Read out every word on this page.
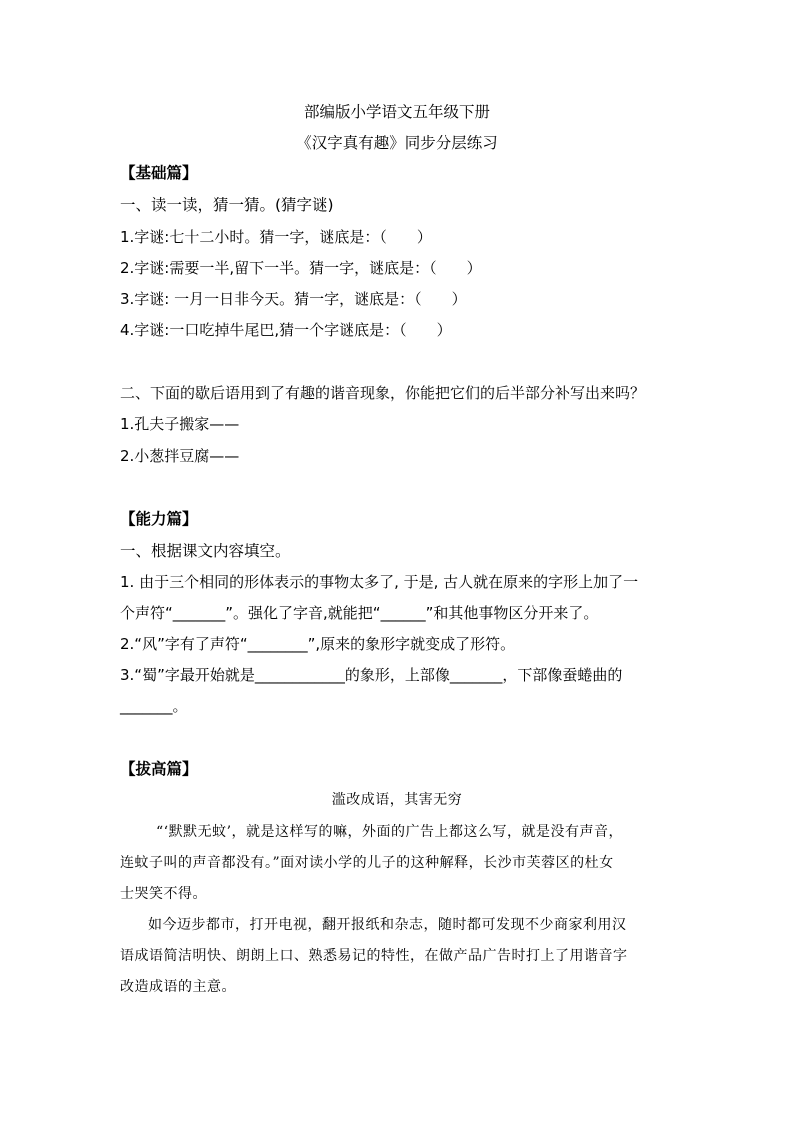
部编版小学语文五年级下册
《汉字真有趣》同步分层练习
【基础篇】
一、读一读，猜一猜。(猜字谜)
1.字谜:七十二小时。猜一字，谜底是：（　　）
2.字谜:需要一半,留下一半。猜一字，谜底是：（　　）
3.字谜: 一月一日非今天。猜一字，谜底是：（　　）
4.字谜:一口吃掉牛尾巴,猜一个字谜底是：（　　）
二、下面的歇后语用到了有趣的谐音现象，你能把它们的后半部分补写出来吗？
1.孔夫子搬家——
2.小葱拌豆腐——
【能力篇】
一、根据课文内容填空。
1. 由于三个相同的形体表示的事物太多了, 于是, 古人就在原来的字形上加了一
个声符“_______”。强化了字音,就能把“______”和其他事物区分开来了。
2.“风”字有了声符“________”,原来的象形字就变成了形符。
3.“蜀”字最开始就是____________的象形，上部像_______，下部像蚕蜷曲的
_______。
【拔高篇】
滥改成语，其害无穷
“‘默默无蚊’，就是这样写的嘛，外面的广告上都这么写，就是没有声音，
连蚊子叫的声音都没有。”面对读小学的儿子的这种解释，长沙市芙蓉区的杜女
士哭笑不得。
如今迈步都市，打开电视，翻开报纸和杂志，随时都可发现不少商家利用汉
语成语简洁明快、朗朗上口、熟悉易记的特性，在做产品广告时打上了用谐音字
改造成语的主意。
